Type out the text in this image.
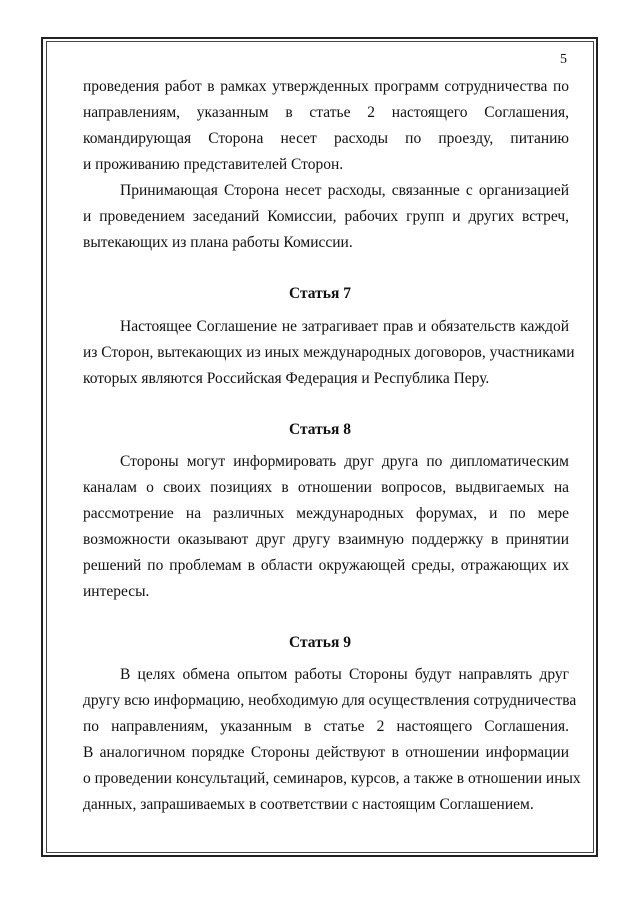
5
проведения работ в рамках утвержденных программ сотрудничества по
направлениям, указанным в статье 2 настоящего Соглашения,
командирующая Сторона несет расходы по проезду, питанию
и проживанию представителей Сторон.
Принимающая Сторона несет расходы, связанные с организацией
и проведением заседаний Комиссии, рабочих групп и других встреч,
вытекающих из плана работы Комиссии.
Статья 7
Настоящее Соглашение не затрагивает прав и обязательств каждой
из Сторон, вытекающих из иных международных договоров, участниками
которых являются Российская Федерация и Республика Перу.
Статья 8
Стороны могут информировать друг друга по дипломатическим
каналам о своих позициях в отношении вопросов, выдвигаемых на
рассмотрение на различных международных форумах, и по мере
возможности оказывают друг другу взаимную поддержку в принятии
решений по проблемам в области окружающей среды, отражающих их
интересы.
Статья 9
В целях обмена опытом работы Стороны будут направлять друг
другу всю информацию, необходимую для осуществления сотрудничества
по направлениям, указанным в статье 2 настоящего Соглашения.
В аналогичном порядке Стороны действуют в отношении информации
о проведении консультаций, семинаров, курсов, а также в отношении иных
данных, запрашиваемых в соответствии с настоящим Соглашением.
